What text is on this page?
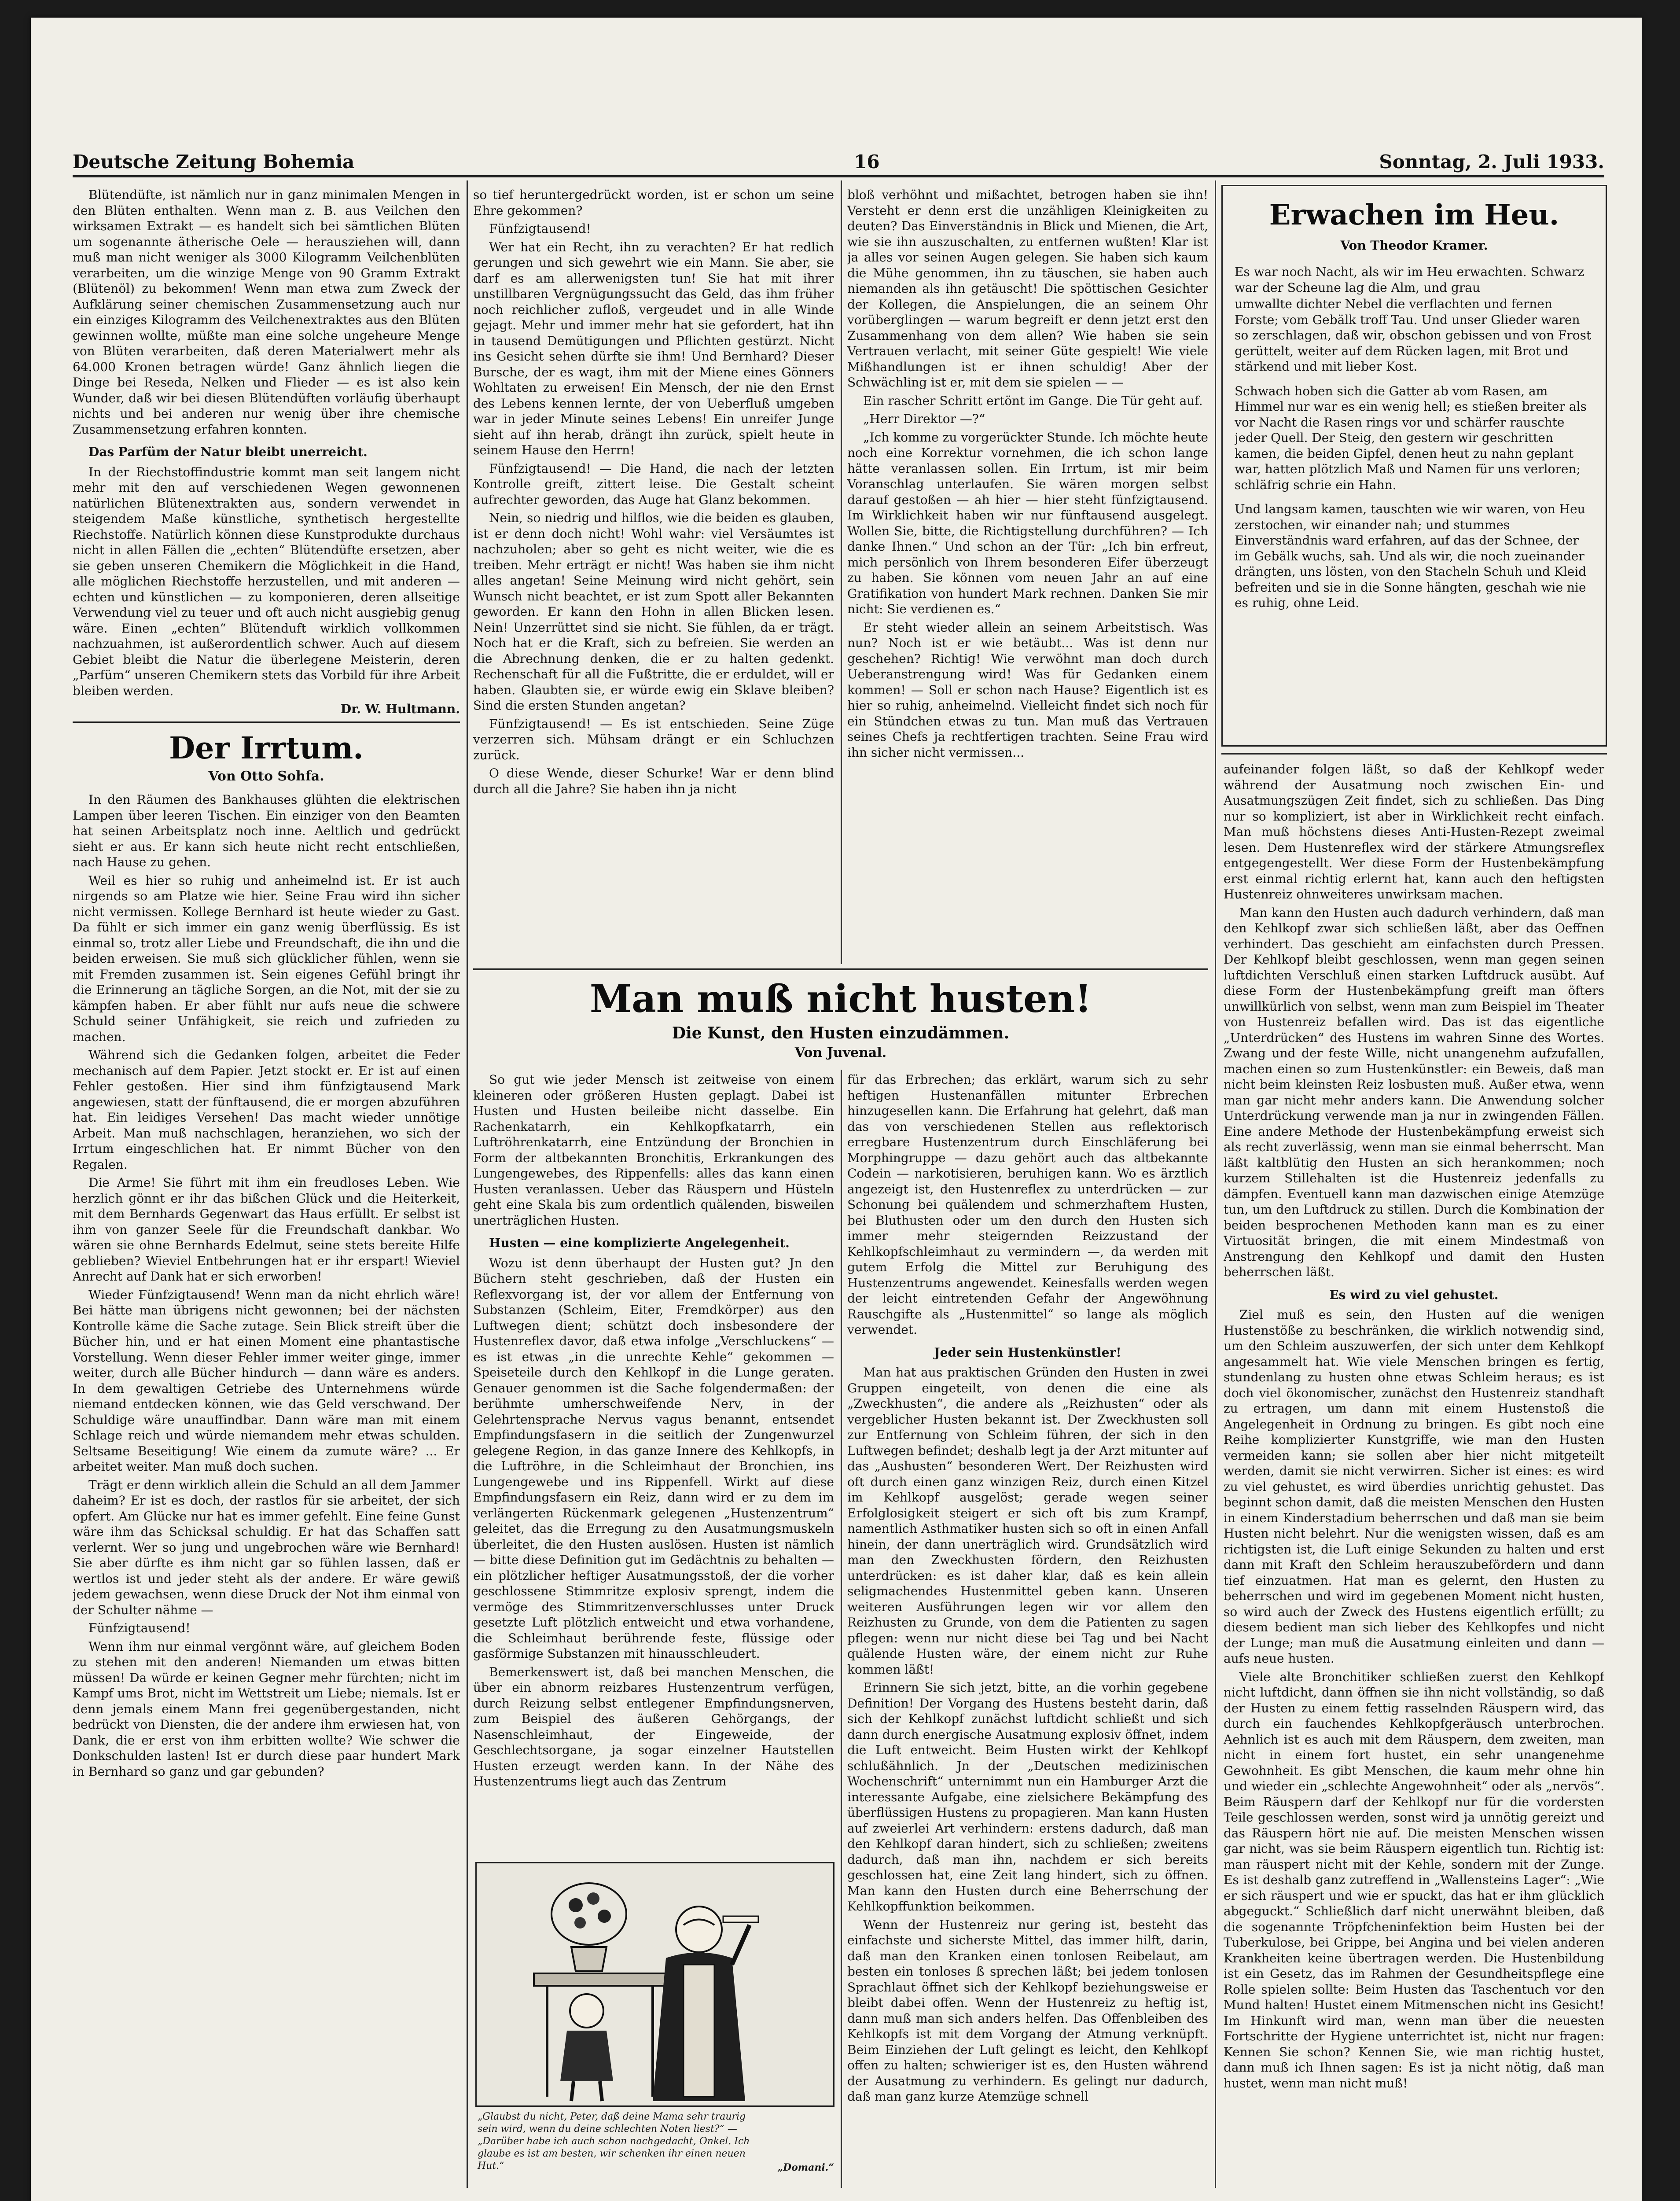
Deutsche Zeitung Bohemia	16	Sonntag, 2. Juli 1933.

Blütendüfte, ist nämlich nur in ganz minimalen Mengen in den Blüten enthalten. Wenn man z. B. aus Veilchen den wirksamen Extrakt — es handelt sich bei sämtlichen Blüten um sogenannte ätherische Oele — herausziehen will, dann muß man nicht weniger als 3000 Kilogramm Veilchenblüten verarbeiten, um die winzige Menge von 90 Gramm Extrakt (Blütenöl) zu bekommen! Wenn man etwa zum Zweck der Aufklärung seiner chemischen Zusammensetzung auch nur ein einziges Kilogramm des Veilchenextraktes aus den Blüten gewinnen wollte, müßte man eine solche ungeheure Menge von Blüten verarbeiten, daß deren Materialwert mehr als 64.000 Kronen betragen würde! Ganz ähnlich liegen die Dinge bei Reseda, Nelken und Flieder — es ist also kein Wunder, daß wir bei diesen Blütendüften vorläufig überhaupt nichts und bei anderen nur wenig über ihre chemische Zusammensetzung erfahren konnten.

Das Parfüm der Natur bleibt unerreicht.

In der Riechstoffindustrie kommt man seit langem nicht mehr mit den auf verschiedenen Wegen gewonnenen natürlichen Blütenextrakten aus, sondern verwendet in steigendem Maße künstliche, synthetisch hergestellte Riechstoffe. Natürlich können diese Kunstprodukte durchaus nicht in allen Fällen die „echten“ Blütendüfte ersetzen, aber sie geben unseren Chemikern die Möglichkeit in die Hand, alle möglichen Riechstoffe herzustellen, und mit anderen — echten und künstlichen — zu komponieren, deren allseitige Verwendung viel zu teuer und oft auch nicht ausgiebig genug wäre. Einen „echten“ Blütenduft wirklich vollkommen nachzuahmen, ist außerordentlich schwer. Auch auf diesem Gebiet bleibt die Natur die überlegene Meisterin, deren „Parfüm“ unseren Chemikern stets das Vorbild für ihre Arbeit bleiben werden.

Dr. W. Hultmann.
Der Irrtum.
Von Otto Sohfa.

In den Räumen des Bankhauses glühten die elektrischen Lampen über leeren Tischen. Ein einziger von den Beamten hat seinen Arbeitsplatz noch inne. Aeltlich und gedrückt sieht er aus. Er kann sich heute nicht recht entschließen, nach Hause zu gehen.

Weil es hier so ruhig und anheimelnd ist. Er ist auch nirgends so am Platze wie hier. Seine Frau wird ihn sicher nicht vermissen. Kollege Bernhard ist heute wieder zu Gast. Da fühlt er sich immer ein ganz wenig überflüssig. Es ist einmal so, trotz aller Liebe und Freundschaft, die ihn und die beiden erweisen. Sie muß sich glücklicher fühlen, wenn sie mit Fremden zusammen ist. Sein eigenes Gefühl bringt ihr die Erinnerung an tägliche Sorgen, an die Not, mit der sie zu kämpfen haben. Er aber fühlt nur aufs neue die schwere Schuld seiner Unfähigkeit, sie reich und zufrieden zu machen.

Während sich die Gedanken folgen, arbeitet die Feder mechanisch auf dem Papier. Jetzt stockt er. Er ist auf einen Fehler gestoßen. Hier sind ihm fünfzigtausend Mark angewiesen, statt der fünftausend, die er morgen abzuführen hat. Ein leidiges Versehen! Das macht wieder unnötige Arbeit. Man muß nachschlagen, heranziehen, wo sich der Irrtum eingeschlichen hat. Er nimmt Bücher von den Regalen.

Die Arme! Sie führt mit ihm ein freudloses Leben. Wie herzlich gönnt er ihr das bißchen Glück und die Heiterkeit, mit dem Bernhards Gegenwart das Haus erfüllt. Er selbst ist ihm von ganzer Seele für die Freundschaft dankbar. Wo wären sie ohne Bernhards Edelmut, seine stets bereite Hilfe geblieben? Wieviel Entbehrungen hat er ihr erspart! Wieviel Anrecht auf Dank hat er sich erworben!

Wieder Fünfzigtausend! Wenn man da nicht ehrlich wäre! Bei hätte man übrigens nicht gewonnen; bei der nächsten Kontrolle käme die Sache zutage. Sein Blick streift über die Bücher hin, und er hat einen Moment eine phantastische Vorstellung. Wenn dieser Fehler immer weiter ginge, immer weiter, durch alle Bücher hindurch — dann wäre es anders. In dem gewaltigen Getriebe des Unternehmens würde niemand entdecken können, wie das Geld verschwand. Der Schuldige wäre unauffindbar. Dann wäre man mit einem Schlage reich und würde niemandem mehr etwas schulden. Seltsame Beseitigung! Wie einem da zumute wäre? ... Er arbeitet weiter. Man muß doch suchen.

Trägt er denn wirklich allein die Schuld an all dem Jammer daheim? Er ist es doch, der rastlos für sie arbeitet, der sich opfert. Am Glücke nur hat es immer gefehlt. Eine feine Gunst wäre ihm das Schicksal schuldig. Er hat das Schaffen satt verlernt. Wer so jung und ungebrochen wäre wie Bernhard! Sie aber dürfte es ihm nicht gar so fühlen lassen, daß er wertlos ist und jeder steht als der andere. Er wäre gewiß jedem gewachsen, wenn diese Druck der Not ihm einmal von der Schulter nähme —

Fünfzigtausend!

Wenn ihm nur einmal vergönnt wäre, auf gleichem Boden zu stehen mit den anderen! Niemanden um etwas bitten müssen! Da würde er keinen Gegner mehr fürchten; nicht im Kampf ums Brot, nicht im Wettstreit um Liebe; niemals. Ist er denn jemals einem Mann frei gegenübergestanden, nicht bedrückt von Diensten, die der andere ihm erwiesen hat, von Dank, die er erst von ihm erbitten wollte? Wie schwer die Donkschulden lasten! Ist er durch diese paar hundert Mark in Bernhard so ganz und gar gebunden?

so tief heruntergedrückt worden, ist er schon um seine Ehre gekommen?

Fünfzigtausend!

Wer hat ein Recht, ihn zu verachten? Er hat redlich gerungen und sich gewehrt wie ein Mann. Sie aber, sie darf es am allerwenigsten tun! Sie hat mit ihrer unstillbaren Vergnügungssucht das Geld, das ihm früher noch reichlicher zufloß, vergeudet und in alle Winde gejagt. Mehr und immer mehr hat sie gefordert, hat ihn in tausend Demütigungen und Pflichten gestürzt. Nicht ins Gesicht sehen dürfte sie ihm! Und Bernhard? Dieser Bursche, der es wagt, ihm mit der Miene eines Gönners Wohltaten zu erweisen! Ein Mensch, der nie den Ernst des Lebens kennen lernte, der von Ueberfluß umgeben war in jeder Minute seines Lebens! Ein unreifer Junge sieht auf ihn herab, drängt ihn zurück, spielt heute in seinem Hause den Herrn!

Fünfzigtausend! — Die Hand, die nach der letzten Kontrolle greift, zittert leise. Die Gestalt scheint aufrechter geworden, das Auge hat Glanz bekommen.

Nein, so niedrig und hilflos, wie die beiden es glauben, ist er denn doch nicht! Wohl wahr: viel Versäumtes ist nachzuholen; aber so geht es nicht weiter, wie die es treiben. Mehr erträgt er nicht! Was haben sie ihm nicht alles angetan! Seine Meinung wird nicht gehört, sein Wunsch nicht beachtet, er ist zum Spott aller Bekannten geworden. Er kann den Hohn in allen Blicken lesen. Nein! Unzerrüttet sind sie nicht. Sie fühlen, da er trägt. Noch hat er die Kraft, sich zu befreien. Sie werden an die Abrechnung denken, die er zu halten gedenkt. Rechenschaft für all die Fußtritte, die er erduldet, will er haben. Glaubten sie, er würde ewig ein Sklave bleiben? Sind die ersten Stunden angetan?

Fünfzigtausend! — Es ist entschieden. Seine Züge verzerren sich. Mühsam drängt er ein Schluchzen zurück.

O diese Wende, dieser Schurke! War er denn blind durch all die Jahre? Sie haben ihn ja nicht

bloß verhöhnt und mißachtet, betrogen haben sie ihn! Versteht er denn erst die unzähligen Kleinigkeiten zu deuten? Das Einverständnis in Blick und Mienen, die Art, wie sie ihn auszuschalten, zu entfernen wußten! Klar ist ja alles vor seinen Augen gelegen. Sie haben sich kaum die Mühe genommen, ihn zu täuschen, sie haben auch niemanden als ihn getäuscht! Die spöttischen Gesichter der Kollegen, die Anspielungen, die an seinem Ohr vorüberglingen — warum begreift er denn jetzt erst den Zusammenhang von dem allen? Wie haben sie sein Vertrauen verlacht, mit seiner Güte gespielt! Wie viele Mißhandlungen ist er ihnen schuldig! Aber der Schwächling ist er, mit dem sie spielen — —

Ein rascher Schritt ertönt im Gange. Die Tür geht auf.

„Herr Direktor —?“

„Ich komme zu vorgerückter Stunde. Ich möchte heute noch eine Korrektur vornehmen, die ich schon lange hätte veranlassen sollen. Ein Irrtum, ist mir beim Voranschlag unterlaufen. Sie wären morgen selbst darauf gestoßen — ah hier — hier steht fünfzigtausend. Im Wirklichkeit haben wir nur fünftausend ausgelegt. Wollen Sie, bitte, die Richtigstellung durchführen? — Ich danke Ihnen.“ Und schon an der Tür: „Ich bin erfreut, mich persönlich von Ihrem besonderen Eifer überzeugt zu haben. Sie können vom neuen Jahr an auf eine Gratifikation von hundert Mark rechnen. Danken Sie mir nicht: Sie verdienen es.“

Er steht wieder allein an seinem Arbeitstisch. Was nun? Noch ist er wie betäubt... Was ist denn nur geschehen? Richtig! Wie verwöhnt man doch durch Ueberanstrengung wird! Was für Gedanken einem kommen! — Soll er schon nach Hause? Eigentlich ist es hier so ruhig, anheimelnd. Vielleicht findet sich noch für ein Stündchen etwas zu tun. Man muß das Vertrauen seines Chefs ja rechtfertigen trachten. Seine Frau wird ihn sicher nicht vermissen...

Man muß nicht husten!
Die Kunst, den Husten einzudämmen.
Von Juvenal.

So gut wie jeder Mensch ist zeitweise von einem kleineren oder größeren Husten geplagt. Dabei ist Husten und Husten beileibe nicht dasselbe. Ein Rachenkatarrh, ein Kehlkopfkatarrh, ein Luftröhrenkatarrh, eine Entzündung der Bronchien in Form der altbekannten Bronchitis, Erkrankungen des Lungengewebes, des Rippenfells: alles das kann einen Husten veranlassen. Ueber das Räuspern und Hüsteln geht eine Skala bis zum ordentlich quälenden, bisweilen unerträglichen Husten.

Husten — eine komplizierte Angelegenheit.

Wozu ist denn überhaupt der Husten gut? Jn den Büchern steht geschrieben, daß der Husten ein Reflexvorgang ist, der vor allem der Entfernung von Substanzen (Schleim, Eiter, Fremdkörper) aus den Luftwegen dient; schützt doch insbesondere der Hustenreflex davor, daß etwa infolge „Verschluckens“ — es ist etwas „in die unrechte Kehle“ gekommen — Speiseteile durch den Kehlkopf in die Lunge geraten. Genauer genommen ist die Sache folgendermaßen: der berühmte umherschweifende Nerv, in der Gelehrtensprache Nervus vagus benannt, entsendet Empfindungsfasern in die seitlich der Zungenwurzel gelegene Region, in das ganze Innere des Kehlkopfs, in die Luftröhre, in die Schleimhaut der Bronchien, ins Lungengewebe und ins Rippenfell. Wirkt auf diese Empfindungsfasern ein Reiz, dann wird er zu dem im verlängerten Rückenmark gelegenen „Hustenzentrum“ geleitet, das die Erregung zu den Ausatmungsmuskeln überleitet, die den Husten auslösen. Husten ist nämlich — bitte diese Definition gut im Gedächtnis zu behalten — ein plötzlicher heftiger Ausatmungsstoß, der die vorher geschlossene Stimmritze explosiv sprengt, indem die vermöge des Stimmritzenverschlusses unter Druck gesetzte Luft plötzlich entweicht und etwa vorhandene, die Schleimhaut berührende feste, flüssige oder gasförmige Substanzen mit hinausschleudert.

Bemerkenswert ist, daß bei manchen Menschen, die über ein abnorm reizbares Hustenzentrum verfügen, durch Reizung selbst entlegener Empfindungsnerven, zum Beispiel des äußeren Gehörgangs, der Nasenschleimhaut, der Eingeweide, der Geschlechtsorgane, ja sogar einzelner Hautstellen Husten erzeugt werden kann. In der Nähe des Hustenzentrums liegt auch das Zentrum

„Glaubst du nicht, Peter, daß deine Mama sehr traurig sein wird, wenn du deine schlechten Noten liest?“ — „Darüber habe ich auch schon nachgedacht, Onkel. Ich glaube es ist am besten, wir schenken ihr einen neuen Hut.“	„Domani.“

für das Erbrechen; das erklärt, warum sich zu sehr heftigen Hustenanfällen mitunter Erbrechen hinzugesellen kann. Die Erfahrung hat gelehrt, daß man das von verschiedenen Stellen aus reflektorisch erregbare Hustenzentrum durch Einschläferung bei Morphingruppe — dazu gehört auch das altbekannte Codein — narkotisieren, beruhigen kann. Wo es ärztlich angezeigt ist, den Hustenreflex zu unterdrücken — zur Schonung bei quälendem und schmerzhaftem Husten, bei Bluthusten oder um den durch den Husten sich immer mehr steigernden Reizzustand der Kehlkopfschleimhaut zu vermindern —, da werden mit gutem Erfolg die Mittel zur Beruhigung des Hustenzentrums angewendet. Keinesfalls werden wegen der leicht eintretenden Gefahr der Angewöhnung Rauschgifte als „Hustenmittel“ so lange als möglich verwendet.

Jeder sein Hustenkünstler!

Man hat aus praktischen Gründen den Husten in zwei Gruppen eingeteilt, von denen die eine als „Zweckhusten“, die andere als „Reizhusten“ oder als vergeblicher Husten bekannt ist. Der Zweckhusten soll zur Entfernung von Schleim führen, der sich in den Luftwegen befindet; deshalb legt ja der Arzt mitunter auf das „Aushusten“ besonderen Wert. Der Reizhusten wird oft durch einen ganz winzigen Reiz, durch einen Kitzel im Kehlkopf ausgelöst; gerade wegen seiner Erfolglosigkeit steigert er sich oft bis zum Krampf, namentlich Asthmatiker husten sich so oft in einen Anfall hinein, der dann unerträglich wird. Grundsätzlich wird man den Zweckhusten fördern, den Reizhusten unterdrücken: es ist daher klar, daß es kein allein seligmachendes Hustenmittel geben kann. Unseren weiteren Ausführungen legen wir vor allem den Reizhusten zu Grunde, von dem die Patienten zu sagen pflegen: wenn nur nicht diese bei Tag und bei Nacht quälende Husten wäre, der einem nicht zur Ruhe kommen läßt!

Erinnern Sie sich jetzt, bitte, an die vorhin gegebene Definition! Der Vorgang des Hustens besteht darin, daß sich der Kehlkopf zunächst luftdicht schließt und sich dann durch energische Ausatmung explosiv öffnet, indem die Luft entweicht. Beim Husten wirkt der Kehlkopf schlußähnlich. Jn der „Deutschen medizinischen Wochenschrift“ unternimmt nun ein Hamburger Arzt die interessante Aufgabe, eine zielsichere Bekämpfung des überflüssigen Hustens zu propagieren. Man kann Husten auf zweierlei Art verhindern: erstens dadurch, daß man den Kehlkopf daran hindert, sich zu schließen; zweitens dadurch, daß man ihn, nachdem er sich bereits geschlossen hat, eine Zeit lang hindert, sich zu öffnen. Man kann den Husten durch eine Beherrschung der Kehlkopffunktion beikommen.

Wenn der Hustenreiz nur gering ist, besteht das einfachste und sicherste Mittel, das immer hilft, darin, daß man den Kranken einen tonlosen Reibelaut, am besten ein tonloses ß sprechen läßt; bei jedem tonlosen Sprachlaut öffnet sich der Kehlkopf beziehungsweise er bleibt dabei offen. Wenn der Hustenreiz zu heftig ist, dann muß man sich anders helfen. Das Offenbleiben des Kehlkopfs ist mit dem Vorgang der Atmung verknüpft. Beim Einziehen der Luft gelingt es leicht, den Kehlkopf offen zu halten; schwieriger ist es, den Husten während der Ausatmung zu verhindern. Es gelingt nur dadurch, daß man ganz kurze Atemzüge schnell

Erwachen im Heu.
Von Theodor Kramer.

Es war noch Nacht, als wir im Heu erwachten. Schwarz war der Scheune lag die Alm, und grau

umwallte dichter Nebel die verflachten und fernen Forste; vom Gebälk troff Tau. Und unser Glieder waren so zerschlagen, daß wir, obschon gebissen und von Frost gerüttelt, weiter auf dem Rücken lagen, mit Brot und stärkend und mit lieber Kost.

Schwach hoben sich die Gatter ab vom Rasen, am Himmel nur war es ein wenig hell; es stießen breiter als vor Nacht die Rasen rings vor und schärfer rauschte jeder Quell. Der Steig, den gestern wir geschritten kamen, die beiden Gipfel, denen heut zu nahn geplant war, hatten plötzlich Maß und Namen für uns verloren; schläfrig schrie ein Hahn.

Und langsam kamen, tauschten wie wir waren, von Heu zerstochen, wir einander nah; und stummes Einverständnis ward erfahren, auf das der Schnee, der im Gebälk wuchs, sah. Und als wir, die noch zueinander drängten, uns lösten, von den Stacheln Schuh und Kleid befreiten und sie in die Sonne hängten, geschah wie nie es ruhig, ohne Leid.

aufeinander folgen läßt, so daß der Kehlkopf weder während der Ausatmung noch zwischen Ein- und Ausatmungszügen Zeit findet, sich zu schließen. Das Ding nur so kompliziert, ist aber in Wirklichkeit recht einfach. Man muß höchstens dieses Anti-Husten-Rezept zweimal lesen. Dem Hustenreflex wird der stärkere Atmungsreflex entgegengestellt. Wer diese Form der Hustenbekämpfung erst einmal richtig erlernt hat, kann auch den heftigsten Hustenreiz ohnweiteres unwirksam machen.

Man kann den Husten auch dadurch verhindern, daß man den Kehlkopf zwar sich schließen läßt, aber das Oeffnen verhindert. Das geschieht am einfachsten durch Pressen. Der Kehlkopf bleibt geschlossen, wenn man gegen seinen luftdichten Verschluß einen starken Luftdruck ausübt. Auf diese Form der Hustenbekämpfung greift man öfters unwillkürlich von selbst, wenn man zum Beispiel im Theater von Hustenreiz befallen wird. Das ist das eigentliche „Unterdrücken“ des Hustens im wahren Sinne des Wortes. Zwang und der feste Wille, nicht unangenehm aufzufallen, machen einen so zum Hustenkünstler: ein Beweis, daß man nicht beim kleinsten Reiz losbusten muß. Außer etwa, wenn man gar nicht mehr anders kann. Die Anwendung solcher Unterdrückung verwende man ja nur in zwingenden Fällen. Eine andere Methode der Hustenbekämpfung erweist sich als recht zuverlässig, wenn man sie einmal beherrscht. Man läßt kaltblütig den Husten an sich herankommen; noch kurzem Stillehalten ist die Hustenreiz jedenfalls zu dämpfen. Eventuell kann man dazwischen einige Atemzüge tun, um den Luftdruck zu stillen. Durch die Kombination der beiden besprochenen Methoden kann man es zu einer Virtuosität bringen, die mit einem Mindestmaß von Anstrengung den Kehlkopf und damit den Husten beherrschen läßt.

Es wird zu viel gehustet.

Ziel muß es sein, den Husten auf die wenigen Hustenstöße zu beschränken, die wirklich notwendig sind, um den Schleim auszuwerfen, der sich unter dem Kehlkopf angesammelt hat. Wie viele Menschen bringen es fertig, stundenlang zu husten ohne etwas Schleim heraus; es ist doch viel ökonomischer, zunächst den Hustenreiz standhaft zu ertragen, um dann mit einem Hustenstoß die Angelegenheit in Ordnung zu bringen. Es gibt noch eine Reihe komplizierter Kunstgriffe, wie man den Husten vermeiden kann; sie sollen aber hier nicht mitgeteilt werden, damit sie nicht verwirren. Sicher ist eines: es wird zu viel gehustet, es wird überdies unrichtig gehustet. Das beginnt schon damit, daß die meisten Menschen den Husten in einem Kinderstadium beherrschen und daß man sie beim Husten nicht belehrt. Nur die wenigsten wissen, daß es am richtigsten ist, die Luft einige Sekunden zu halten und erst dann mit Kraft den Schleim herauszubefördern und dann tief einzuatmen. Hat man es gelernt, den Husten zu beherrschen und wird im gegebenen Moment nicht husten, so wird auch der Zweck des Hustens eigentlich erfüllt; zu diesem bedient man sich lieber des Kehlkopfes und nicht der Lunge; man muß die Ausatmung einleiten und dann — aufs neue husten.

Viele alte Bronchitiker schließen zuerst den Kehlkopf nicht luftdicht, dann öffnen sie ihn nicht vollständig, so daß der Husten zu einem fettig rasselnden Räuspern wird, das durch ein fauchendes Kehlkopfgeräusch unterbrochen. Aehnlich ist es auch mit dem Räuspern, dem zweiten, man nicht in einem fort hustet, ein sehr unangenehme Gewohnheit. Es gibt Menschen, die kaum mehr ohne hin und wieder ein „schlechte Angewohnheit“ oder als „nervös“. Beim Räuspern darf der Kehlkopf nur für die vordersten Teile geschlossen werden, sonst wird ja unnötig gereizt und das Räuspern hört nie auf. Die meisten Menschen wissen gar nicht, was sie beim Räuspern eigentlich tun. Richtig ist: man räuspert nicht mit der Kehle, sondern mit der Zunge. Es ist deshalb ganz zutreffend in „Wallensteins Lager“: „Wie er sich räuspert und wie er spuckt, das hat er ihm glücklich abgeguckt.“ Schließlich darf nicht unerwähnt bleiben, daß die sogenannte Tröpfcheninfektion beim Husten bei der Tuberkulose, bei Grippe, bei Angina und bei vielen anderen Krankheiten keine übertragen werden. Die Hustenbildung ist ein Gesetz, das im Rahmen der Gesundheitspflege eine Rolle spielen sollte: Beim Husten das Taschentuch vor den Mund halten! Hustet einem Mitmenschen nicht ins Gesicht! Im Hinkunft wird man, wenn man über die neuesten Fortschritte der Hygiene unterrichtet ist, nicht nur fragen: Kennen Sie schon? Kennen Sie, wie man richtig hustet, dann muß ich Ihnen sagen: Es ist ja nicht nötig, daß man hustet, wenn man nicht muß!
